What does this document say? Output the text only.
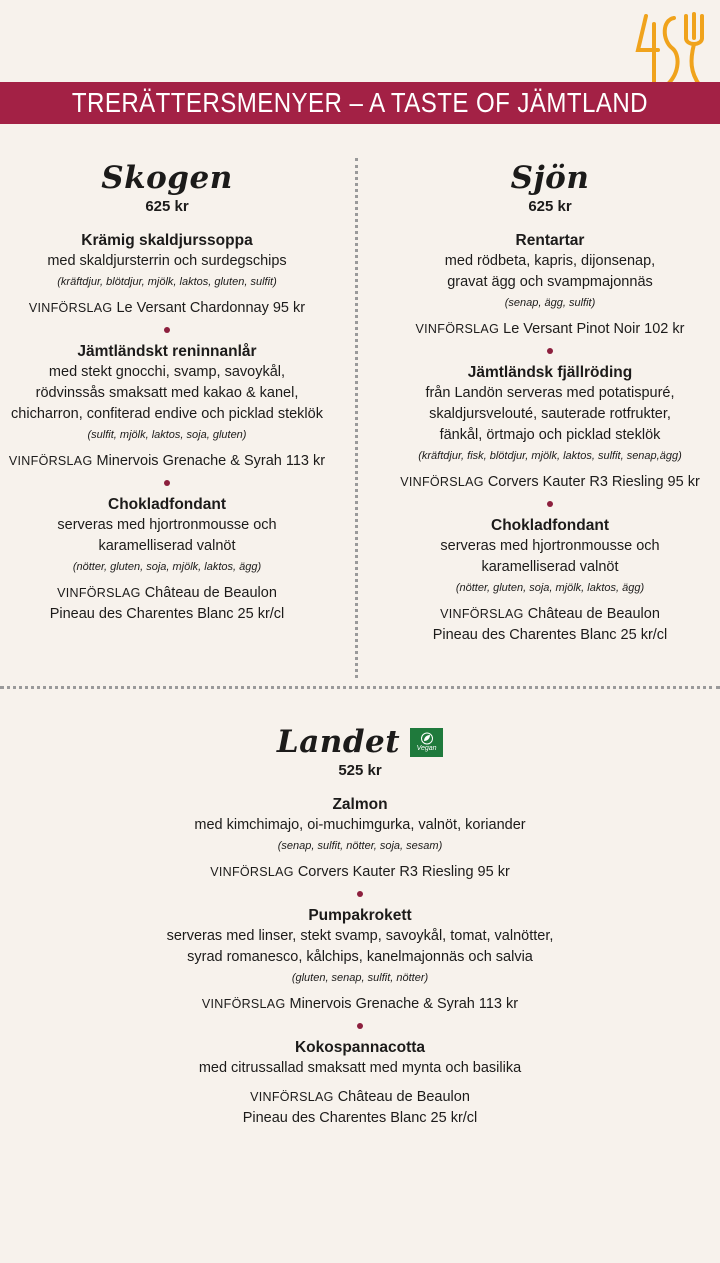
TRERÄTTERSMENYER – A TASTE OF JÄMTLAND
Skogen
625 kr
Krämig skaldjurssoppa
med skaldjursterrin och surdegschips
(kräftdjur, blötdjur, mjölk, laktos, gluten, sulfit)
VINFÖRSLAG Le Versant Chardonnay 95 kr
Jämtländskt reninnanlår
med stekt gnocchi, svamp, savoykål,
rödvinssås smaksatt med kakao & kanel,
chicharron, confiterad endive och picklad steklök
(sulfit, mjölk, laktos, soja, gluten)
VINFÖRSLAG Minervois Grenache & Syrah 113 kr
Chokladfondant
serveras med hjortronmousse och
karamelliserad valnöt
(nötter, gluten, soja, mjölk, laktos, ägg)
VINFÖRSLAG Château de Beaulon
Pineau des Charentes Blanc 25 kr/cl
Sjön
625 kr
Rentartar
med rödbeta, kapris, dijonsenap,
gravat ägg och svampmajonnäs
(senap, ägg, sulfit)
VINFÖRSLAG Le Versant Pinot Noir 102 kr
Jämtländsk fjällröding
från Landön serveras med potatispuré,
skaldjursvelouté, sauterade rotfrukter,
fänkål, örtmajo och picklad steklök
(kräftdjur, fisk, blötdjur, mjölk, laktos, sulfit, senap,ägg)
VINFÖRSLAG Corvers Kauter R3 Riesling 95 kr
Chokladfondant
serveras med hjortronmousse och
karamelliserad valnöt
(nötter, gluten, soja, mjölk, laktos, ägg)
VINFÖRSLAG Château de Beaulon
Pineau des Charentes Blanc 25 kr/cl
Landet Vegan
525 kr
Zalmon
med kimchimajo, oi-muchimgurka, valnöt, koriander
(senap, sulfit, nötter, soja, sesam)
VINFÖRSLAG Corvers Kauter R3 Riesling 95 kr
Pumpakrokett
serveras med linser, stekt svamp, savoykål, tomat, valnötter,
syrad romanesco, kålchips, kanelmajonnäs och salvia
(gluten, senap, sulfit, nötter)
VINFÖRSLAG Minervois Grenache & Syrah 113 kr
Kokospannacotta
med citrussallad smaksatt med mynta och basilika
VINFÖRSLAG Château de Beaulon
Pineau des Charentes Blanc 25 kr/cl
